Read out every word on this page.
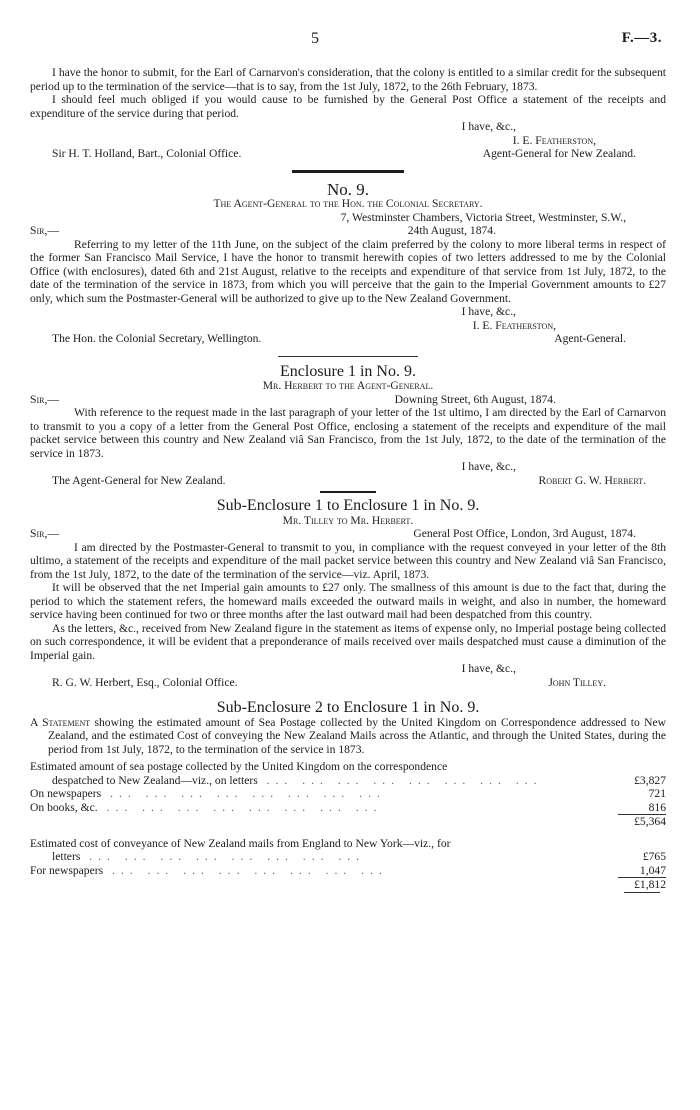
5	F.—3.

I have the honor to submit, for the Earl of Carnarvon's consideration, that the colony is entitled to a similar credit for the subsequent period up to the termination of the service—that is to say, from the 1st July, 1872, to the 26th February, 1873.

I should feel much obliged if you would cause to be furnished by the General Post Office a statement of the receipts and expenditure of the service during that period.

I have, &c.,

I. E. Featherston,

Sir H. T. Holland, Bart., Colonial Office.	Agent-General for New Zealand.
No. 9.

The Agent-General to the Hon. the Colonial Secretary.

7, Westminster Chambers, Victoria Street, Westminster, S.W.,

Sir,—	24th August, 1874.

Referring to my letter of the 11th June, on the subject of the claim preferred by the colony to more liberal terms in respect of the former San Francisco Mail Service, I have the honor to transmit herewith copies of two letters addressed to me by the Colonial Office (with enclosures), dated 6th and 21st August, relative to the receipts and expenditure of that service from 1st July, 1872, to the date of the termination of the service in 1873, from which you will perceive that the gain to the Imperial Government amounts to £27 only, which sum the Postmaster-General will be authorized to give up to the New Zealand Government.

I have, &c.,

I. E. Featherston,

The Hon. the Colonial Secretary, Wellington.	Agent-General.
Enclosure 1 in No. 9.

Mr. Herbert to the Agent-General.

Sir,—	Downing Street, 6th August, 1874.

With reference to the request made in the last paragraph of your letter of the 1st ultimo, I am directed by the Earl of Carnarvon to transmit to you a copy of a letter from the General Post Office, enclosing a statement of the receipts and expenditure of the mail packet service between this country and New Zealand viâ San Francisco, from the 1st July, 1872, to the date of the termination of the service in 1873.

I have, &c.,

The Agent-General for New Zealand.	Robert G. W. Herbert.
Sub-Enclosure 1 to Enclosure 1 in No. 9.

Mr. Tilley to Mr. Herbert.

Sir,—	General Post Office, London, 3rd August, 1874.

I am directed by the Postmaster-General to transmit to you, in compliance with the request conveyed in your letter of the 8th ultimo, a statement of the receipts and expenditure of the mail packet service between this country and New Zealand viâ San Francisco, from the 1st July, 1872, to the date of the termination of the service—viz. April, 1873.

It will be observed that the net Imperial gain amounts to £27 only. The smallness of this amount is due to the fact that, during the period to which the statement refers, the homeward mails exceeded the outward mails in weight, and also in number, the homeward service having been continued for two or three months after the last outward mail had been despatched from this country.

As the letters, &c., received from New Zealand figure in the statement as items of expense only, no Imperial postage being collected on such correspondence, it will be evident that a preponderance of mails received over mails despatched must cause a diminution of the Imperial gain.

I have, &c.,

R. G. W. Herbert, Esq., Colonial Office.	John Tilley.
Sub-Enclosure 2 to Enclosure 1 in No. 9.

A Statement showing the estimated amount of Sea Postage collected by the United Kingdom on Correspondence addressed to New Zealand, and the estimated Cost of conveying the New Zealand Mails across the Atlantic, and through the United States, during the period from 1st July, 1872, to the termination of the service in 1873.

Estimated amount of sea postage collected by the United Kingdom on the correspondence

despatched to New Zealand—viz., on letters ... ... ... ... ... ... ... ...	£3,827
On newspapers ... ... ... ... ... ... ... ...	721
On books, &c. ... ... ... ... ... ... ... ...	816

£5,364

Estimated cost of conveyance of New Zealand mails from England to New York—viz., for

letters ... ... ... ... ... ... ... ...	£765
For newspapers ... ... ... ... ... ... ... ...	1,047

£1,812
